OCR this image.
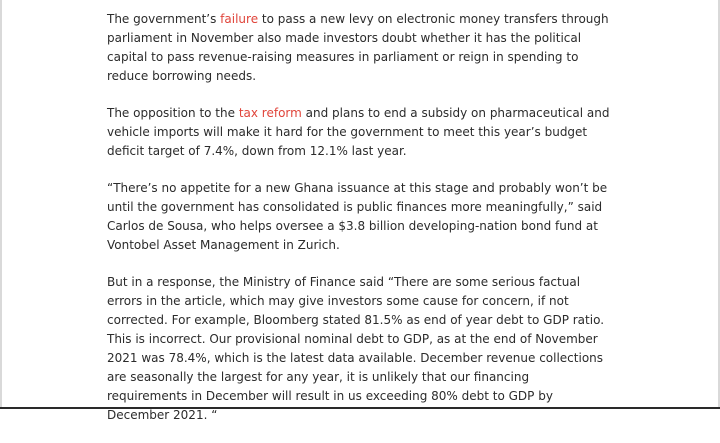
The government’s failure to pass a new levy on electronic money transfers through parliament in November also made investors doubt whether it has the political capital to pass revenue-raising measures in parliament or reign in spending to reduce borrowing needs.

The opposition to the tax reform and plans to end a subsidy on pharmaceutical and vehicle imports will make it hard for the government to meet this year’s budget deficit target of 7.4%, down from 12.1% last year.

“There’s no appetite for a new Ghana issuance at this stage and probably won’t be until the government has consolidated is public finances more meaningfully,” said Carlos de Sousa, who helps oversee a $3.8 billion developing-nation bond fund at Vontobel Asset Management in Zurich.

But in a response, the Ministry of Finance said “There are some serious factual errors in the article, which may give investors some cause for concern, if not corrected. For example, Bloomberg stated 81.5% as end of year debt to GDP ratio. This is incorrect. Our provisional nominal debt to GDP, as at the end of November 2021 was 78.4%, which is the latest data available. December revenue collections are seasonally the largest for any year, it is unlikely that our financing requirements in December will result in us exceeding 80% debt to GDP by December 2021. “
